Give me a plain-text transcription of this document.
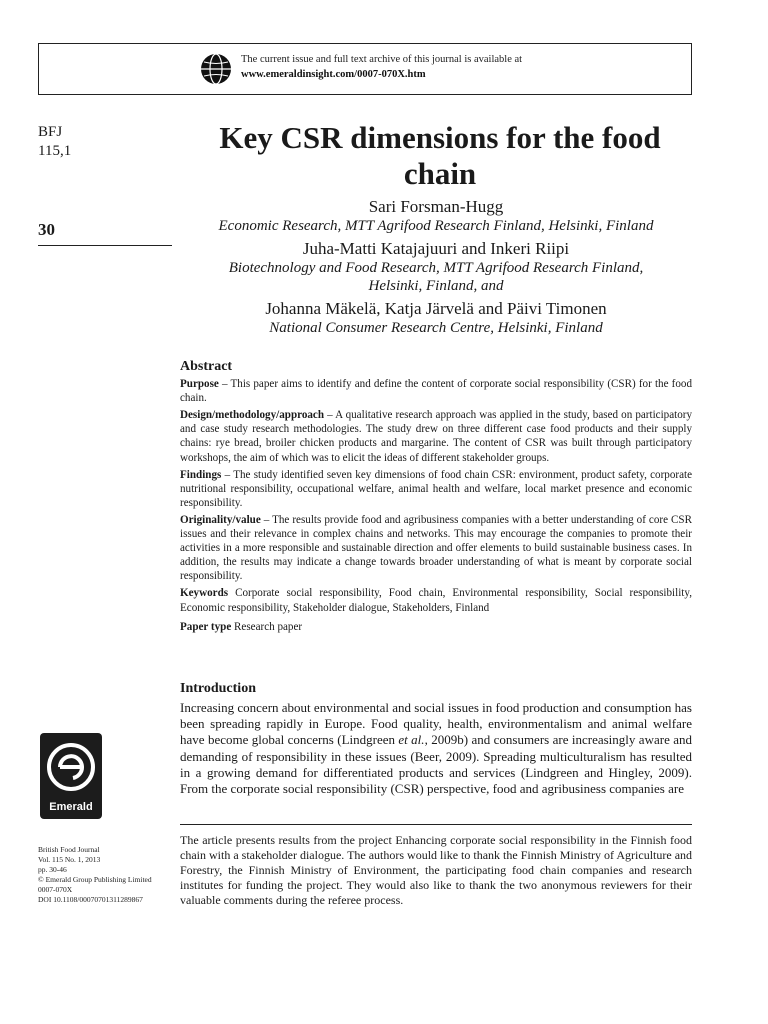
The current issue and full text archive of this journal is available at
www.emeraldinsight.com/0007-070X.htm
BFJ
115,1
30
Key CSR dimensions for the food
chain
Sari Forsman-Hugg
Economic Research, MTT Agrifood Research Finland, Helsinki, Finland
Juha-Matti Katajajuuri and Inkeri Riipi
Biotechnology and Food Research, MTT Agrifood Research Finland,
Helsinki, Finland, and
Johanna Mäkelä, Katja Järvelä and Päivi Timonen
National Consumer Research Centre, Helsinki, Finland
Abstract

Purpose – This paper aims to identify and define the content of corporate social responsibility (CSR) for the food chain.

Design/methodology/approach – A qualitative research approach was applied in the study, based on participatory and case study research methodologies. The study drew on three different case food products and their supply chains: rye bread, broiler chicken products and margarine. The content of CSR was built through participatory workshops, the aim of which was to elicit the ideas of different stakeholder groups.

Findings – The study identified seven key dimensions of food chain CSR: environment, product safety, corporate nutritional responsibility, occupational welfare, animal health and welfare, local market presence and economic responsibility.

Originality/value – The results provide food and agribusiness companies with a better understanding of core CSR issues and their relevance in complex chains and networks. This may encourage the companies to promote their activities in a more responsible and sustainable direction and offer elements to build sustainable business cases. In addition, the results may indicate a change towards broader understanding of what is meant by corporate social responsibility.

Keywords Corporate social responsibility, Food chain, Environmental responsibility, Social responsibility, Economic responsibility, Stakeholder dialogue, Stakeholders, Finland

Paper type Research paper

Introduction

Increasing concern about environmental and social issues in food production and consumption has been spreading rapidly in Europe. Food quality, health, environmentalism and animal welfare have become global concerns (Lindgreen et al., 2009b) and consumers are increasingly aware and demanding of responsibility in these issues (Beer, 2009). Spreading multiculturalism has resulted in a growing demand for differentiated products and services (Lindgreen and Hingley, 2009). From the corporate social responsibility (CSR) perspective, food and agribusiness companies are

The article presents results from the project Enhancing corporate social responsibility in the Finnish food chain with a stakeholder dialogue. The authors would like to thank the Finnish Ministry of Agriculture and Forestry, the Finnish Ministry of Environment, the participating food chain companies and research institutes for funding the project. They would also like to thank the two anonymous reviewers for their valuable comments during the referee process.

Emerald
British Food Journal
Vol. 115 No. 1, 2013
pp. 30-46
© Emerald Group Publishing Limited
0007-070X
DOI 10.1108/00070701311289867
